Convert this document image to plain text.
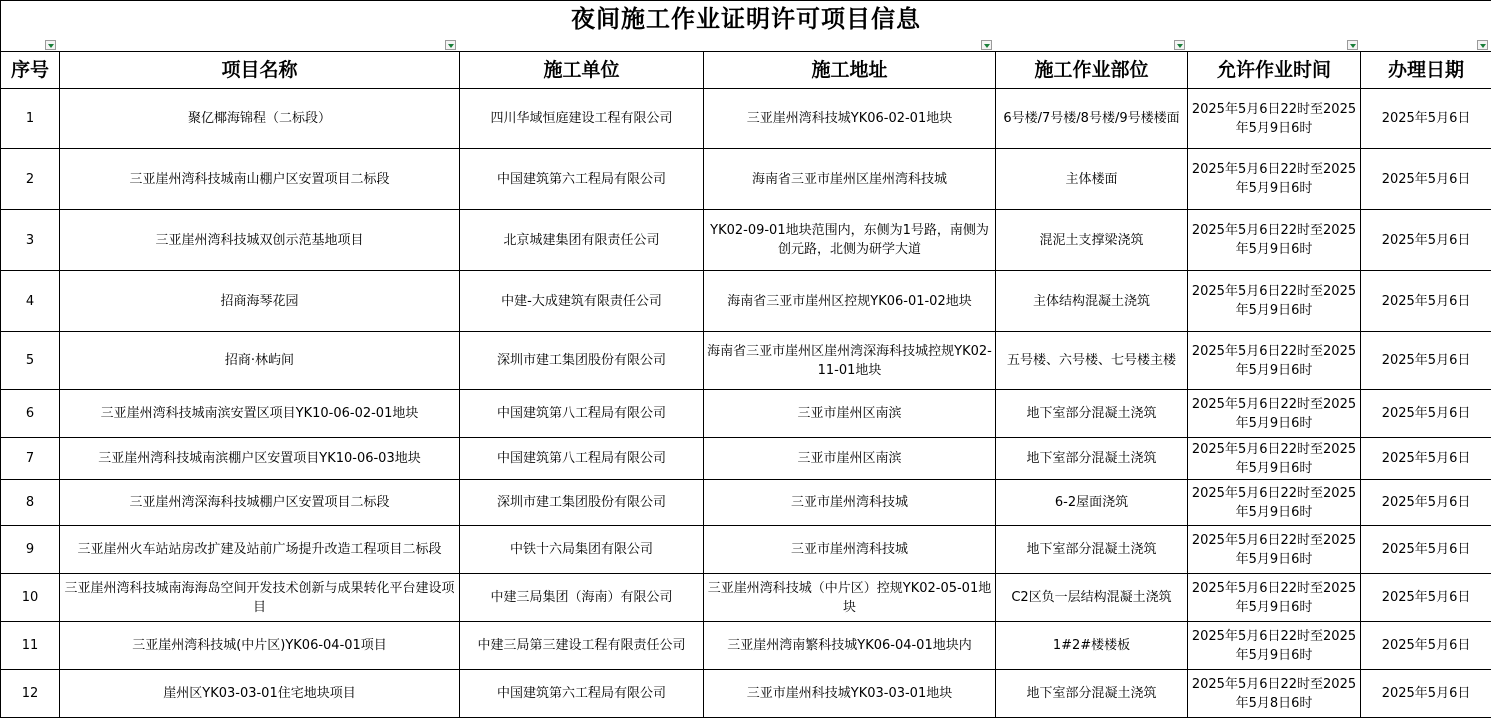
夜间施工作业证明许可项目信息						

序号	项目名称	施工单位	施工地址	施工作业部位	允许作业时间	办理日期
1	聚亿椰海锦程（二标段）	四川华域恒庭建设工程有限公司	三亚崖州湾科技城YK06-02-01地块	6号楼/7号楼/8号楼/9号楼楼面	2025年5月6日22时至2025年5月9日6时	2025年5月6日
2	三亚崖州湾科技城南山棚户区安置项目二标段	中国建筑第六工程局有限公司	海南省三亚市崖州区崖州湾科技城	主体楼面	2025年5月6日22时至2025年5月9日6时	2025年5月6日
3	三亚崖州湾科技城双创示范基地项目	北京城建集团有限责任公司	YK02-09-01地块范围内，东侧为1号路，南侧为创元路，北侧为研学大道	混泥土支撑梁浇筑	2025年5月6日22时至2025年5月9日6时	2025年5月6日
4	招商海琴花园	中建-大成建筑有限责任公司	海南省三亚市崖州区控规YK06-01-02地块	主体结构混凝土浇筑	2025年5月6日22时至2025年5月9日6时	2025年5月6日
5	招商·林屿间	深圳市建工集团股份有限公司	海南省三亚市崖州区崖州湾深海科技城控规YK02-11-01地块	五号楼、六号楼、七号楼主楼	2025年5月6日22时至2025年5月9日6时	2025年5月6日
6	三亚崖州湾科技城南滨安置区项目YK10-06-02-01地块	中国建筑第八工程局有限公司	三亚市崖州区南滨	地下室部分混凝土浇筑	2025年5月6日22时至2025年5月9日6时	2025年5月6日
7	三亚崖州湾科技城南滨棚户区安置项目YK10-06-03地块	中国建筑第八工程局有限公司	三亚市崖州区南滨	地下室部分混凝土浇筑	2025年5月6日22时至2025年5月9日6时	2025年5月6日
8	三亚崖州湾深海科技城棚户区安置项目二标段	深圳市建工集团股份有限公司	三亚市崖州湾科技城	6-2屋面浇筑	2025年5月6日22时至2025年5月9日6时	2025年5月6日
9	三亚崖州火车站站房改扩建及站前广场提升改造工程项目二标段	中铁十六局集团有限公司	三亚市崖州湾科技城	地下室部分混凝土浇筑	2025年5月6日22时至2025年5月9日6时	2025年5月6日
10	三亚崖州湾科技城南海海岛空间开发技术创新与成果转化平台建设项目	中建三局集团（海南）有限公司	三亚崖州湾科技城（中片区）控规YK02-05-01地块	C2区负一层结构混凝土浇筑	2025年5月6日22时至2025年5月9日6时	2025年5月6日
11	三亚崖州湾科技城(中片区)YK06-04-01项目	中建三局第三建设工程有限责任公司	三亚崖州湾南繁科技城YK06-04-01地块内	1#2#楼楼板	2025年5月6日22时至2025年5月9日6时	2025年5月6日
12	崖州区YK03-03-01住宅地块项目	中国建筑第六工程局有限公司	三亚市崖州科技城YK03-03-01地块	地下室部分混凝土浇筑	2025年5月6日22时至2025年5月8日6时	2025年5月6日
